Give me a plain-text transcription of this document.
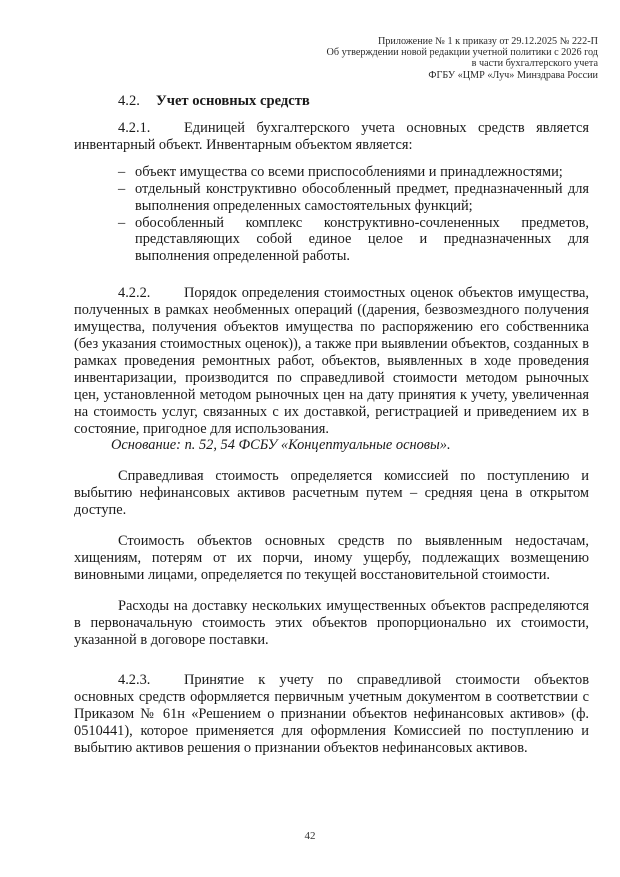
Приложение № 1 к приказу от 29.12.2025 № 222-П
Об утверждении новой редакции учетной политики с 2026 год
в части бухгалтерского учета
ФГБУ «ЦМР «Луч» Минздрава России
4.2. Учет основных средств

4.2.1. Единицей бухгалтерского учета основных средств является инвентарный объект. Инвентарным объектом является:

– объект имущества со всеми приспособлениями и принадлежностями;
– отдельный конструктивно обособленный предмет, предназначенный для выполнения определенных самостоятельных функций;
– обособленный комплекс конструктивно-сочлененных предметов, представляющих собой единое целое и предназначенных для выполнения определенной работы.

4.2.2. Порядок определения стоимостных оценок объектов имущества, полученных в рамках необменных операций ((дарения, безвозмездного получения имущества, получения объектов имущества по распоряжению его собственника (без указания стоимостных оценок)), а также при выявлении объектов, созданных в рамках проведения ремонтных работ, объектов, выявленных в ходе проведения инвентаризации, производится по справедливой стоимости методом рыночных цен, установленной методом рыночных цен на дату принятия к учету, увеличенная на стоимость услуг, связанных с их доставкой, регистрацией и приведением их в состояние, пригодное для использования.

Основание: п. 52, 54 ФСБУ «Концептуальные основы».

Справедливая стоимость определяется комиссией по поступлению и выбытию нефинансовых активов расчетным путем – средняя цена в открытом доступе.

Стоимость объектов основных средств по выявленным недостачам, хищениям, потерям от их порчи, иному ущербу, подлежащих возмещению виновными лицами, определяется по текущей восстановительной стоимости.

Расходы на доставку нескольких имущественных объектов распределяются в первоначальную стоимость этих объектов пропорционально их стоимости, указанной в договоре поставки.

4.2.3. Принятие к учету по справедливой стоимости объектов основных средств оформляется первичным учетным документом в соответствии с Приказом № 61н «Решением о признании объектов нефинансовых активов» (ф. 0510441), которое применяется для оформления Комиссией по поступлению и выбытию активов решения о признании объектов нефинансовых активов.

42
